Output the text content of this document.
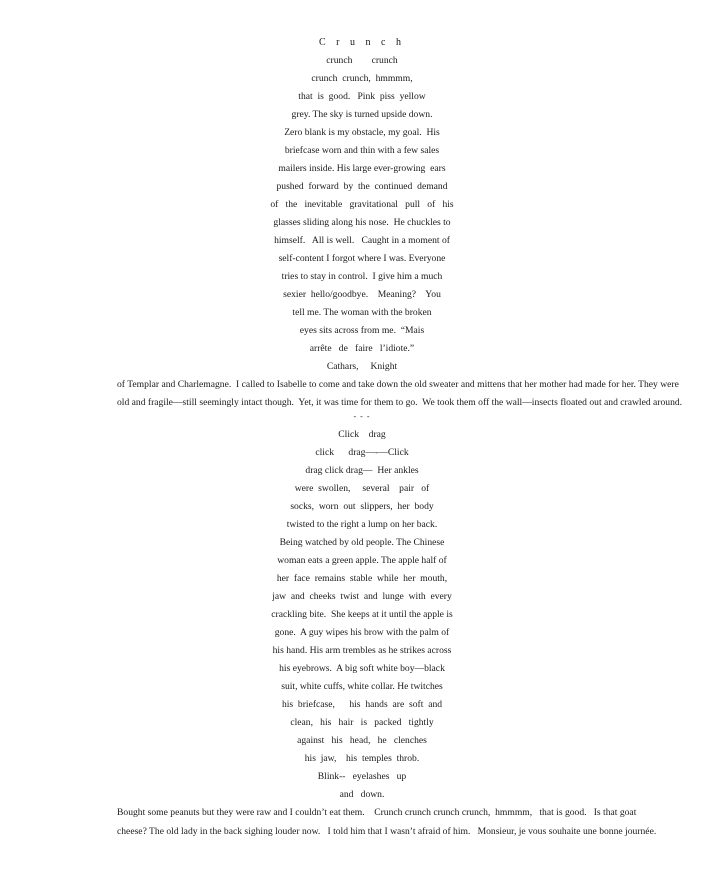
C r u n c h
crunch        crunch
crunch  crunch,  hmmmm,
that  is  good.   Pink  piss  yellow
grey. The sky is turned upside down.
Zero blank is my obstacle, my goal.  His
briefcase worn and thin with a few sales
mailers inside. His large ever-growing  ears
pushed  forward  by  the  continued  demand
of   the   inevitable   gravitational   pull   of   his
glasses sliding along his nose.  He chuckles to
himself.   All is well.   Caught in a moment of
self-content I forgot where I was. Everyone
tries to stay in control.  I give him a much
sexier  hello/goodbye.    Meaning?    You
tell me. The woman with the broken
eyes sits across from me.  “Mais
arrête   de   faire   l’idiote.”
Cathars,     Knight
of Templar and Charlemagne.  I called to Isabelle to come and take down the old sweater and mittens that her mother had made for her. They were
old and fragile—still seemingly intact though.  Yet, it was time for them to go.  We took them off the wall—insects floated out and crawled around.
- - -
Click    drag
click      drag—-—Click
drag click drag—  Her ankles
were  swollen,     several    pair   of
socks,  worn  out  slippers,  her  body
twisted to the right a lump on her back.
Being watched by old people. The Chinese
woman eats a green apple. The apple half of
her  face  remains  stable  while  her  mouth,
jaw  and  cheeks  twist  and  lunge  with  every
crackling bite.  She keeps at it until the apple is
gone.  A guy wipes his brow with the palm of
his hand. His arm trembles as he strikes across
his eyebrows.  A big soft white boy—black
suit, white cuffs, white collar. He twitches
his  briefcase,      his  hands  are  soft  and
clean,   his   hair   is   packed   tightly
against   his   head,   he   clenches
his  jaw,    his  temples  throb.
Blink--   eyelashes   up
and   down.
Bought some peanuts but they were raw and I couldn’t eat them.    Crunch crunch crunch crunch,  hmmmm,   that is good.   Is that goat
cheese? The old lady in the back sighing louder now.   I told him that I wasn’t afraid of him.   Monsieur, je vous souhaite une bonne journée.
